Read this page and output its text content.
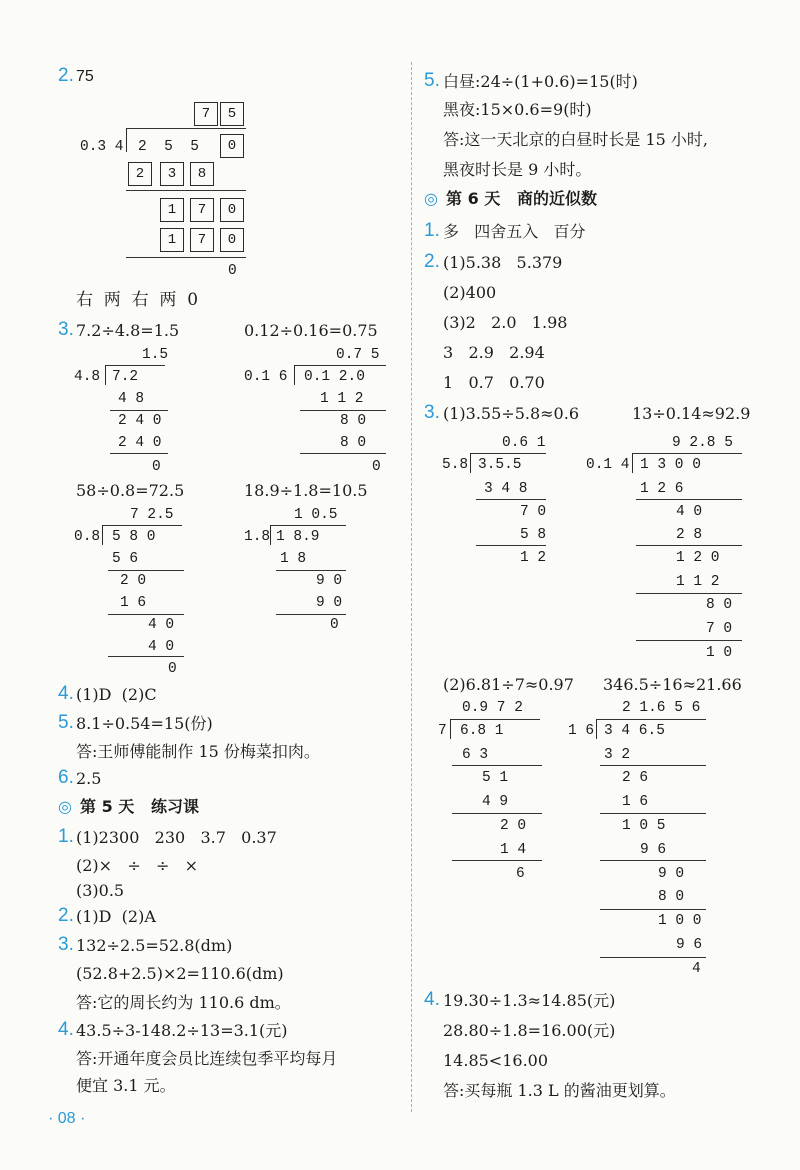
2. 75
7	5
0.3 4 2  5  5	0
2	3	8
1	7	0
1	7	0
0
右  两  右  两  0
3. 7.2÷4.8=1.5	0.12÷0.16=0.75
1.5
4.8 7.2
4 8
2 4 0
2 4 0
0
0.7 5
0.1 6 0.1 2.0
1 1 2
8 0
8 0
0
58÷0.8=72.5	18.9÷1.8=10.5
7 2.5
0.8 5 8 0
5 6
2 0
1 6
4 0
4 0
0
1 0.5
1.8 1 8.9
1 8
9 0
9 0
0
4. (1)D  (2)C
5. 8.1÷0.54=15(份)
答:王师傅能制作 15 份梅菜扣肉。
6. 2.5
◎ 第 5 天   练习课
1. (1)2300   230   3.7   0.37
(2)×   ÷   ÷   ×
(3)0.5
2. (1)D  (2)A
3. 132÷2.5=52.8(dm)
(52.8+2.5)×2=110.6(dm)
答:它的周长约为 110.6 dm。
4. 43.5÷3-148.2÷13=3.1(元)
答:开通年度会员比连续包季平均每月
便宜 3.1 元。
5. 白昼:24÷(1+0.6)=15(时)
黑夜:15×0.6=9(时)
答:这一天北京的白昼时长是 15 小时,
黑夜时长是 9 小时。
◎ 第 6 天   商的近似数
1. 多   四舍五入   百分
2. (1)5.38   5.379
(2)400
(3)2   2.0   1.98
3   2.9   2.94
1   0.7   0.70
3. (1)3.55÷5.8≈0.6	13÷0.14≈92.9
0.6 1
5.8 3.5.5
3 4 8
7 0
5 8
1 2
9 2.8 5
0.1 4 1 3 0 0
1 2 6
4 0
2 8
1 2 0
1 1 2
8 0
7 0
1 0
(2)6.81÷7≈0.97 346.5÷16≈21.66
0.9 7 2
7 6.8 1
6 3
5 1
4 9
2 0
1 4
6
2 1.6 5 6
1 6 3 4 6.5
3 2
2 6
1 6
1 0 5
9 6
9 0
8 0
1 0 0
9 6
4
4. 19.30÷1.3≈14.85(元)
28.80÷1.8=16.00(元)
14.85<16.00
答:买每瓶 1.3 L 的酱油更划算。
· 08 ·
